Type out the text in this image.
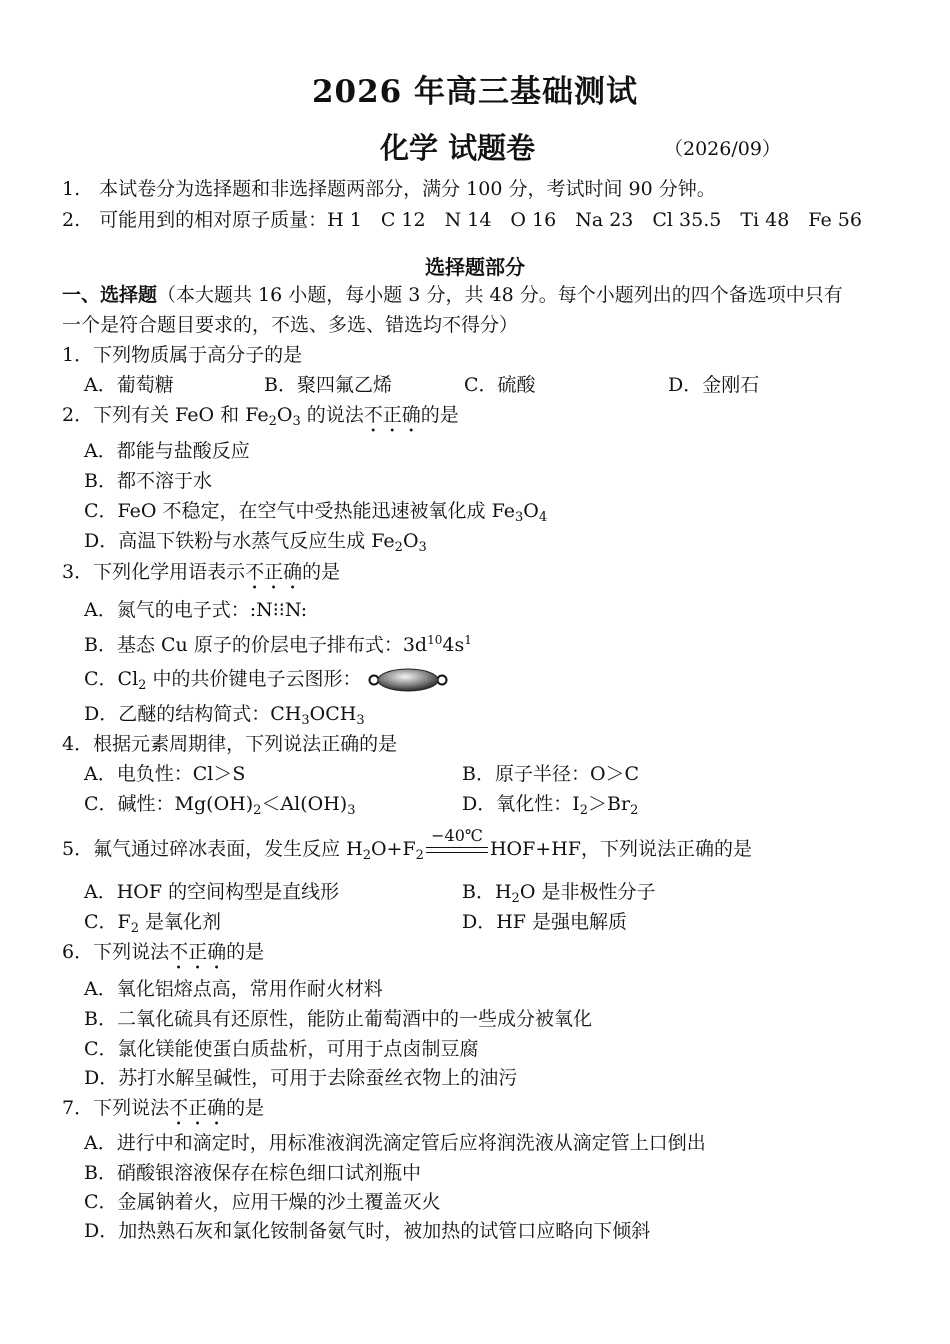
2026 年高三基础测试
化学 试题卷	（2026/09）
1.　本试卷分为选择题和非选择题两部分，满分 100 分，考试时间 90 分钟。
2.　可能用到的相对原子质量：H 1　C 12　N 14　O 16　Na 23　Cl 35.5　Ti 48　Fe 56
选择题部分
一、选择题（本大题共 16 小题，每小题 3 分，共 48 分。每个小题列出的四个备选项中只有
一个是符合题目要求的，不选、多选、错选均不得分）
1．下列物质属于高分子的是
A．葡萄糖	B．聚四氟乙烯	C．硫酸	D．金刚石
2．下列有关 FeO 和 $Fe_2O_3$ 的说法不正确的是
A．都能与盐酸反应
B．都不溶于水
C．FeO 不稳定，在空气中受热能迅速被氧化成 $Fe_3O_4$
D．高温下铁粉与水蒸气反应生成 $Fe_2O_3$
3．下列化学用语表示不正确的是
A．氮气的电子式：:N⁝⁝N:
B．基态 Cu 原子的价层电子排布式：$3d^{10}4s^1$
C．$Cl_2$ 中的共价键电子云图形：
D．乙醚的结构简式：$CH_3OCH_3$
4．根据元素周期律，下列说法正确的是
A．电负性：Cl＞S	B．原子半径：O＞C
C．碱性：$Mg(OH)_2<Al(OH)_3$	D．氧化性：$I_2>Br_2$
5．氟气通过碎冰表面，发生反应 $H_2O+F_2$
−40℃
HOF+HF，下列说法正确的是
A．HOF 的空间构型是直线形	B．$H_2O$ 是非极性分子
C．$F_2$ 是氧化剂	D．HF 是强电解质
6．下列说法不正确的是
A．氧化铝熔点高，常用作耐火材料
B．二氧化硫具有还原性，能防止葡萄酒中的一些成分被氧化
C．氯化镁能使蛋白质盐析，可用于点卤制豆腐
D．苏打水解呈碱性，可用于去除蚕丝衣物上的油污
7．下列说法不正确的是
A．进行中和滴定时，用标准液润洗滴定管后应将润洗液从滴定管上口倒出
B．硝酸银溶液保存在棕色细口试剂瓶中
C．金属钠着火，应用干燥的沙土覆盖灭火
D．加热熟石灰和氯化铵制备氨气时，被加热的试管口应略向下倾斜
